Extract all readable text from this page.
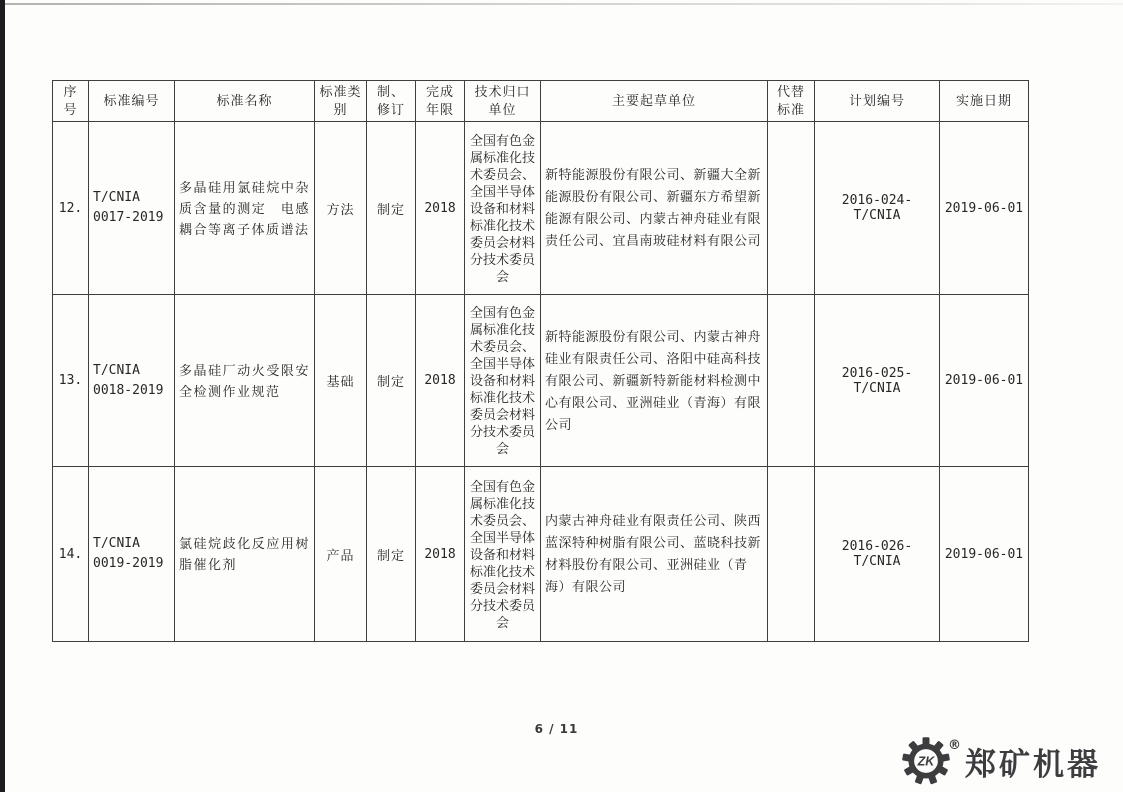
序号	标准编号	标准名称	标准类别	制、修订	完成年限	技术归口单位	主要起草单位	代替标准	计划编号	实施日期
12.	T/CNIA 0017-2019	多晶硅用氯硅烷中杂质含量的测定　电感耦合等离子体质谱法	方法	制定	2018	全国有色金属标准化技术委员会、全国半导体设备和材料标准化技术委员会材料分技术委员会	新特能源股份有限公司、新疆大全新能源股份有限公司、新疆东方希望新能源有限公司、内蒙古神舟硅业有限责任公司、宜昌南玻硅材料有限公司		2016-024-T/CNIA	2019-06-01
13.	T/CNIA 0018-2019	多晶硅厂动火受限安全检测作业规范	基础	制定	2018	全国有色金属标准化技术委员会、全国半导体设备和材料标准化技术委员会材料分技术委员会	新特能源股份有限公司、内蒙古神舟硅业有限责任公司、洛阳中硅高科技有限公司、新疆新特新能材料检测中心有限公司、亚洲硅业（青海）有限公司		2016-025-T/CNIA	2019-06-01
14.	T/CNIA 0019-2019	氯硅烷歧化反应用树脂催化剂	产品	制定	2018	全国有色金属标准化技术委员会、全国半导体设备和材料标准化技术委员会材料分技术委员会	内蒙古神舟硅业有限责任公司、陕西蓝深特种树脂有限公司、蓝晓科技新材料股份有限公司、亚洲硅业（青海）有限公司		2016-026-T/CNIA	2019-06-01
6 / 11
ZK
®
郑矿机器
